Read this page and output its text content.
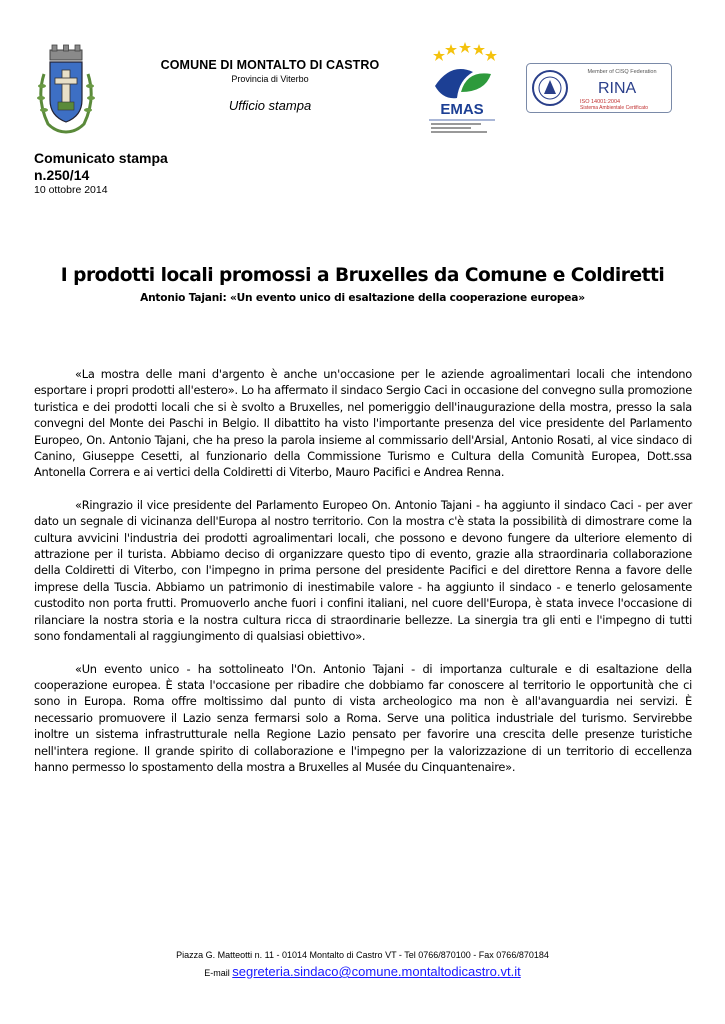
COMUNE DI MONTALTO DI CASTRO
Provincia di Viterbo
Ufficio stampa	EMAS
Member of CISQ Federation
RINA
ISO 14001:2004
Sistema Ambientale Certificato
Comunicato stampa
n.250/14
10 ottobre 2014
I prodotti locali promossi a Bruxelles da Comune e Coldiretti
Antonio Tajani: «Un evento unico di esaltazione della cooperazione europea»

«La mostra delle mani d'argento è anche un'occasione per le aziende agroalimentari locali che intendono esportare i propri prodotti all'estero». Lo ha affermato il sindaco Sergio Caci in occasione del convegno sulla promozione turistica e dei prodotti locali che si è svolto a Bruxelles, nel pomeriggio dell'inaugurazione della mostra, presso la sala convegni del Monte dei Paschi in Belgio. Il dibattito ha visto l'importante presenza del vice presidente del Parlamento Europeo, On. Antonio Tajani, che ha preso la parola insieme al commissario dell'Arsial, Antonio Rosati, al vice sindaco di Canino, Giuseppe Cesetti, al funzionario della Commissione Turismo e Cultura della Comunità Europea, Dott.ssa Antonella Correra e ai vertici della Coldiretti di Viterbo, Mauro Pacifici e Andrea Renna.

«Ringrazio il vice presidente del Parlamento Europeo On. Antonio Tajani - ha aggiunto il sindaco Caci - per aver dato un segnale di vicinanza dell'Europa al nostro territorio. Con la mostra c'è stata la possibilità di dimostrare come la cultura avvicini l'industria dei prodotti agroalimentari locali, che possono e devono fungere da ulteriore elemento di attrazione per il turista. Abbiamo deciso di organizzare questo tipo di evento, grazie alla straordinaria collaborazione della Coldiretti di Viterbo, con l'impegno in prima persone del presidente Pacifici e del direttore Renna a favore delle imprese della Tuscia. Abbiamo un patrimonio di inestimabile valore - ha aggiunto il sindaco - e tenerlo gelosamente custodito non porta frutti. Promuoverlo anche fuori i confini italiani, nel cuore dell'Europa, è stata invece l'occasione di rilanciare la nostra storia e la nostra cultura ricca di straordinarie bellezze. La sinergia tra gli enti e l'impegno di tutti sono fondamentali al raggiungimento di qualsiasi obiettivo».

«Un evento unico - ha sottolineato l'On. Antonio Tajani - di importanza culturale e di esaltazione della cooperazione europea. È stata l'occasione per ribadire che dobbiamo far conoscere al territorio le opportunità che ci sono in Europa. Roma offre moltissimo dal punto di vista archeologico ma non è all'avanguardia nei servizi. È necessario promuovere il Lazio senza fermarsi solo a Roma. Serve una politica industriale del turismo. Servirebbe inoltre un sistema infrastrutturale nella Regione Lazio pensato per favorire una crescita delle presenze turistiche nell'intera regione. Il grande spirito di collaborazione e l'impegno per la valorizzazione di un territorio di eccellenza hanno permesso lo spostamento della mostra a Bruxelles al Musée du Cinquantenaire».

Piazza G. Matteotti n. 11 - 01014 Montalto di Castro VT - Tel 0766/870100 - Fax 0766/870184
E-mail segreteria.sindaco@comune.montaltodicastro.vt.it
